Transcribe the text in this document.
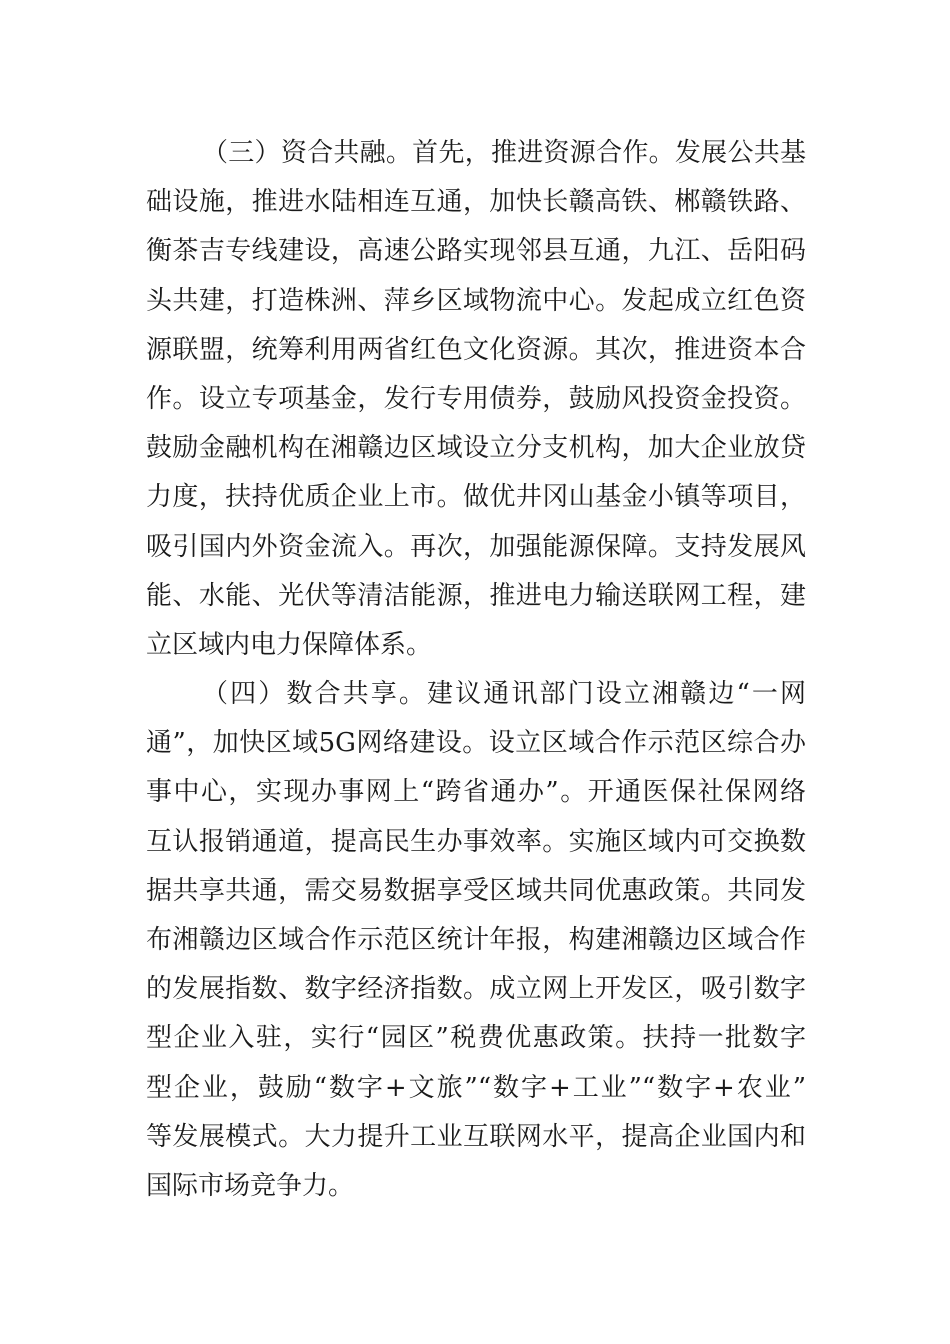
（三）资合共融。首先，推进资源合作。发展公共基
础设施，推进水陆相连互通，加快长赣高铁、郴赣铁路、
衡茶吉专线建设，高速公路实现邻县互通，九江、岳阳码
头共建，打造株洲、萍乡区域物流中心。发起成立红色资
源联盟，统筹利用两省红色文化资源。其次，推进资本合
作。设立专项基金，发行专用债券，鼓励风投资金投资。
鼓励金融机构在湘赣边区域设立分支机构，加大企业放贷
力度，扶持优质企业上市。做优井冈山基金小镇等项目，
吸引国内外资金流入。再次，加强能源保障。支持发展风
能、水能、光伏等清洁能源，推进电力输送联网工程，建
立区域内电力保障体系。
（四）数合共享。建议通讯部门设立湘赣边“一网
通”，加快区域5G网络建设。设立区域合作示范区综合办
事中心，实现办事网上“跨省通办”。开通医保社保网络
互认报销通道，提高民生办事效率。实施区域内可交换数
据共享共通，需交易数据享受区域共同优惠政策。共同发
布湘赣边区域合作示范区统计年报，构建湘赣边区域合作
的发展指数、数字经济指数。成立网上开发区，吸引数字
型企业入驻，实行“园区”税费优惠政策。扶持一批数字
型企业，鼓励“数字+文旅”“数字+工业”“数字+农业”
等发展模式。大力提升工业互联网水平，提高企业国内和
国际市场竞争力。
